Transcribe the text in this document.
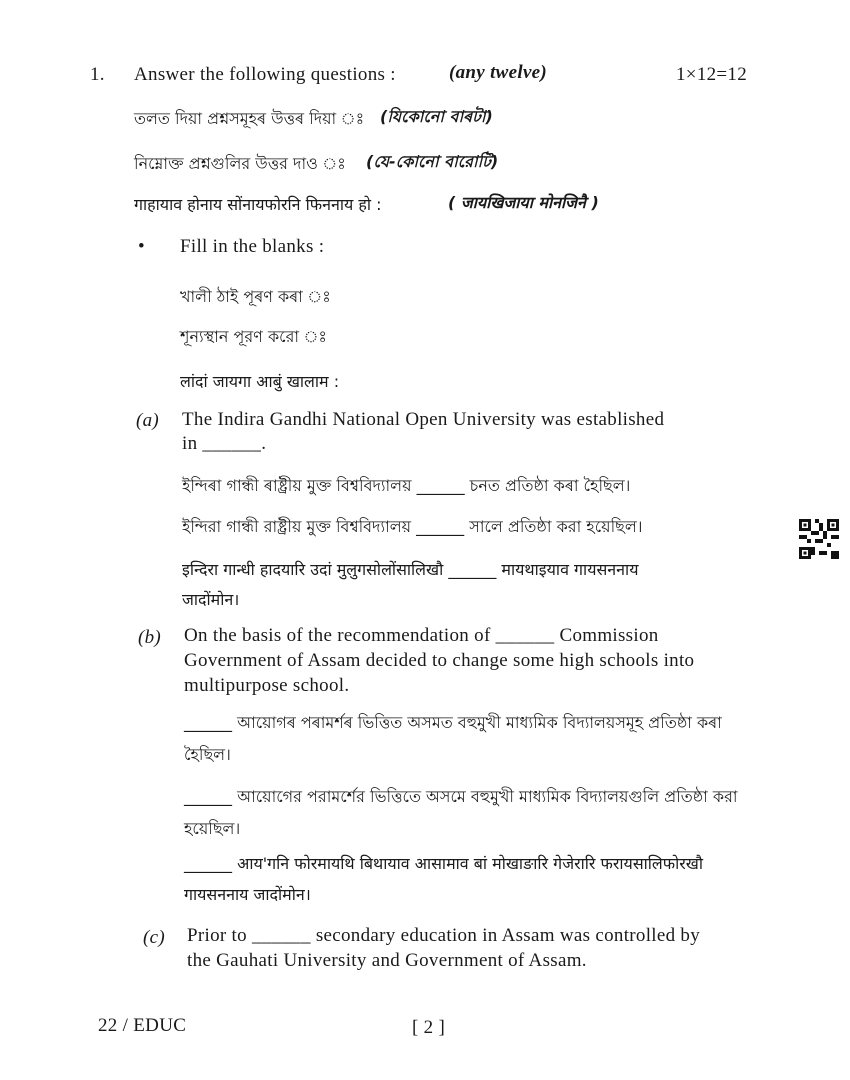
1. Answer the following questions :	(any twelve)	1×12=12
তলত দিয়া প্ৰশ্নসমূহৰ উত্তৰ দিয়া ঃ (যিকোনো বাৰটা)
নিম্নোক্ত প্রশ্নগুলির উত্তর দাও ঃ (যে-কোনো বারোটি)
गाहायाव होनाय सोंनायफोरनि फिननाय हो :	( जायखिजाया मोनजिनै )
• Fill in the blanks :
খালী ঠাই পূৰণ কৰা ঃ
শূন্যস্থান পূরণ করো ঃ
लांदां जायगा आबुं खालाम :
(a) The Indira Gandhi National Open University was established
in ______.
ইন্দিৰা গান্ধী ৰাষ্ট্ৰীয় মুক্ত বিশ্ববিদ্যালয় ______ চনত প্ৰতিষ্ঠা কৰা হৈছিল।
ইন্দিরা গান্ধী রাষ্ট্রীয় মুক্ত বিশ্ববিদ্যালয় ______ সালে প্রতিষ্ঠা করা হয়েছিল।
इन्दिरा गान्धी हादयारि उदां मुलुगसोलोंसालिखौ ______ मायथाइयाव गायसननाय
जादोंमोन।
(b) On the basis of the recommendation of ______ Commission
Government of Assam decided to change some high schools into
multipurpose school.
______ আয়োগৰ পৰামৰ্শৰ ভিত্তিত অসমত বহুমুখী মাধ্যমিক বিদ্যালয়সমূহ প্ৰতিষ্ঠা কৰা
হৈছিল।
______ আয়োগের পরামর্শের ভিত্তিতে অসমে বহুমুখী মাধ্যমিক বিদ্যালয়গুলি প্রতিষ্ঠা করা
হয়েছিল।
______ आय'गनि फोरमायथि बिथायाव आसामाव बां मोखाङारि गेजेरारि फरायसालिफोरखौ
गायसननाय जादोंमोन।
(c) Prior to ______ secondary education in Assam was controlled by
the Gauhati University and Government of Assam.
22 / EDUC	[ 2 ]
